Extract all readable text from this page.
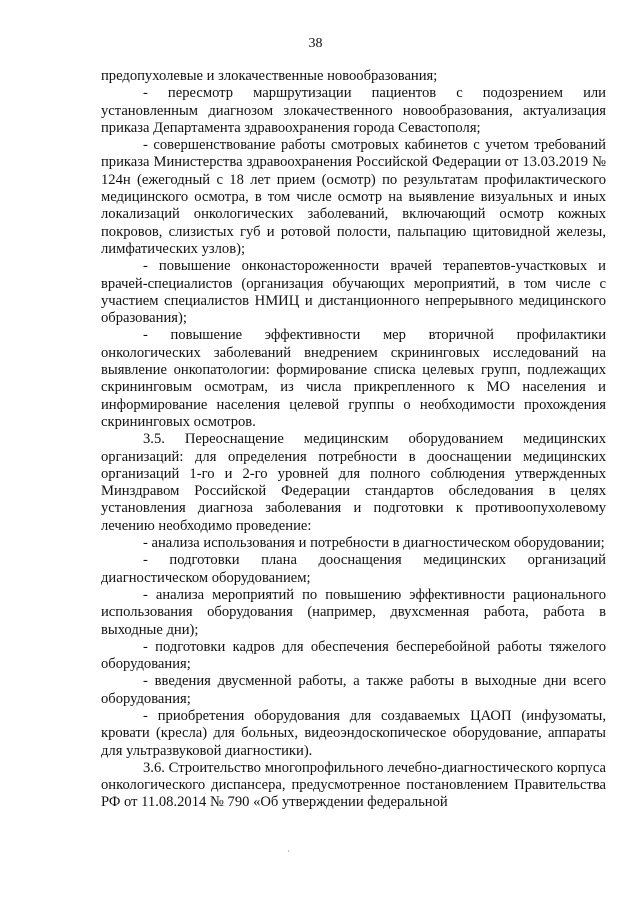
38

предопухолевые и злокачественные новообразования;

- пересмотр маршрутизации пациентов с подозрением или установленным диагнозом злокачественного новообразования, актуализация приказа Департамента здравоохранения города Севастополя;

- совершенствование работы смотровых кабинетов с учетом требований приказа Министерства здравоохранения Российской Федерации от 13.03.2019 № 124н (ежегодный с 18 лет прием (осмотр) по результатам профилактического медицинского осмотра, в том числе осмотр на выявление визуальных и иных локализаций онкологических заболеваний, включающий осмотр кожных покровов, слизистых губ и ротовой полости, пальпацию щитовидной железы, лимфатических узлов);

- повышение онконастороженности врачей терапевтов-участковых и врачей-специалистов (организация обучающих мероприятий, в том числе с участием специалистов НМИЦ и дистанционного непрерывного медицинского образования);

- повышение эффективности мер вторичной профилактики онкологических заболеваний внедрением скрининговых исследований на выявление онкопатологии: формирование списка целевых групп, подлежащих скрининговым осмотрам, из числа прикрепленного к МО населения и информирование населения целевой группы о необходимости прохождения скрининговых осмотров.

3.5. Переоснащение медицинским оборудованием медицинских организаций: для определения потребности в дооснащении медицинских организаций 1-го и 2-го уровней для полного соблюдения утвержденных Минздравом Российской Федерации стандартов обследования в целях установления диагноза заболевания и подготовки к противоопухолевому лечению необходимо проведение:

- анализа использования и потребности в диагностическом оборудовании;

- подготовки плана дооснащения медицинских организаций диагностическом оборудованием;

- анализа мероприятий по повышению эффективности рационального использования оборудования (например, двухсменная работа, работа в выходные дни);

- подготовки кадров для обеспечения бесперебойной работы тяжелого оборудования;

- введения двусменной работы, а также работы в выходные дни всего оборудования;

- приобретения оборудования для создаваемых ЦАОП (инфузоматы, кровати (кресла) для больных, видеоэндоскопическое оборудование, аппараты для ультразвуковой диагностики).

3.6. Строительство многопрофильного лечебно-диагностического корпуса онкологического диспансера, предусмотренное постановлением Правительства РФ от 11.08.2014 № 790 «Об утверждении федеральной

·
